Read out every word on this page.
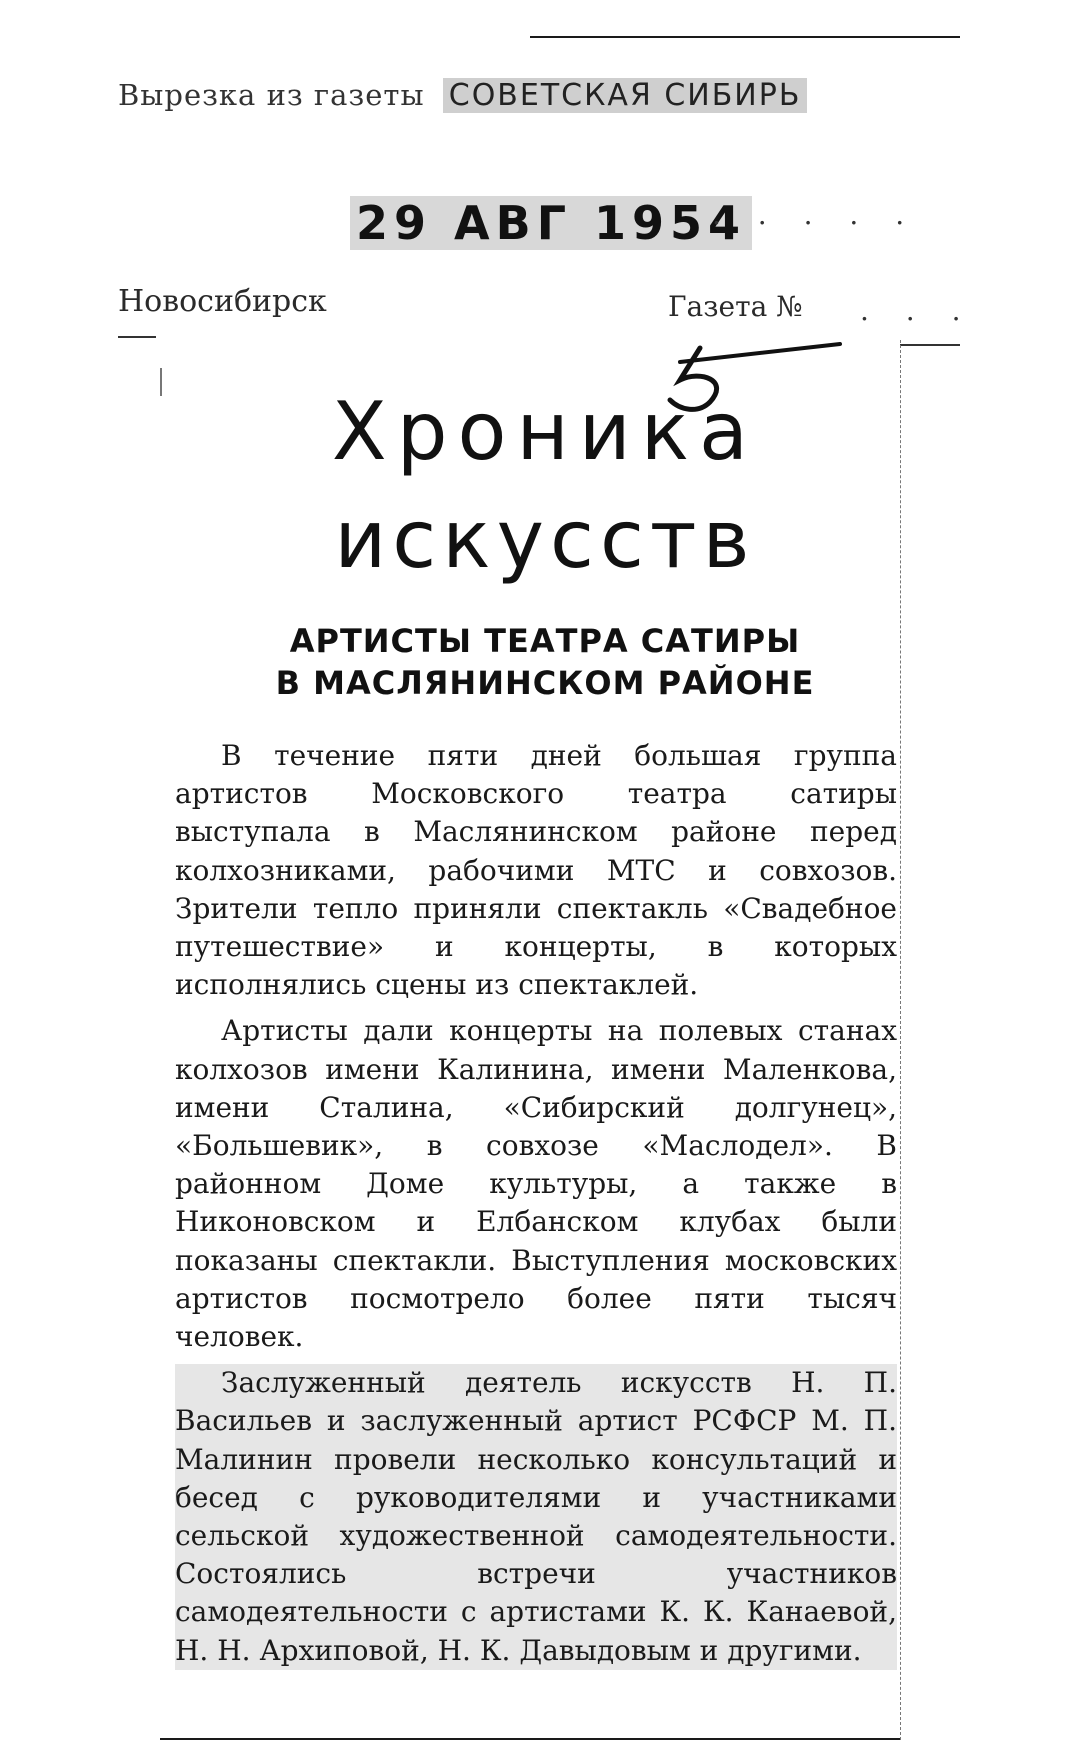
Вырезка из газеты СОВЕТСКАЯ СИБИРЬ
29 АВГ 1954
. . . . .
Новосибирск	Газета № . . .
Хроника
искусств
АРТИСТЫ ТЕАТРА САТИРЫ
В МАСЛЯНИНСКОМ РАЙОНЕ

В течение пяти дней большая группа артистов Московского театра сатиры выступала в Маслянинском районе перед колхозниками, рабочими МТС и совхозов. Зрители тепло приняли спектакль «Свадебное путешествие» и концерты, в которых исполнялись сцены из спектаклей.

Артисты дали концерты на полевых станах колхозов имени Калинина, имени Маленкова, имени Сталина, «Сибирский долгунец», «Большевик», в совхозе «Маслодел». В районном Доме культуры, а также в Никоновском и Елбанском клубах были показаны спектакли. Выступления московских артистов посмотрело более пяти тысяч человек.

Заслуженный деятель искусств Н. П. Васильев и заслуженный артист РСФСР М. П. Малинин провели несколько консультаций и бесед с руководителями и участниками сельской художественной самодеятельности. Состоялись встречи участников самодеятельности с артистами К. К. Канаевой, Н. Н. Архиповой, Н. К. Давыдовым и другими.
